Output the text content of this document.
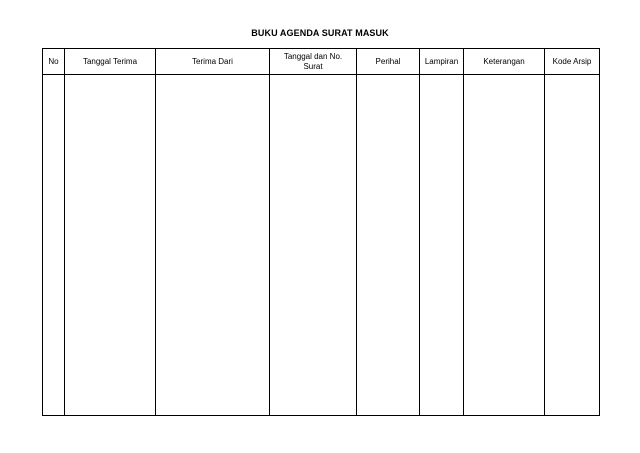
BUKU AGENDA SURAT MASUK
No	Tanggal Terima	Terima Dari	Tanggal dan No. Surat	Perihal	Lampiran	Keterangan	Kode Arsip
